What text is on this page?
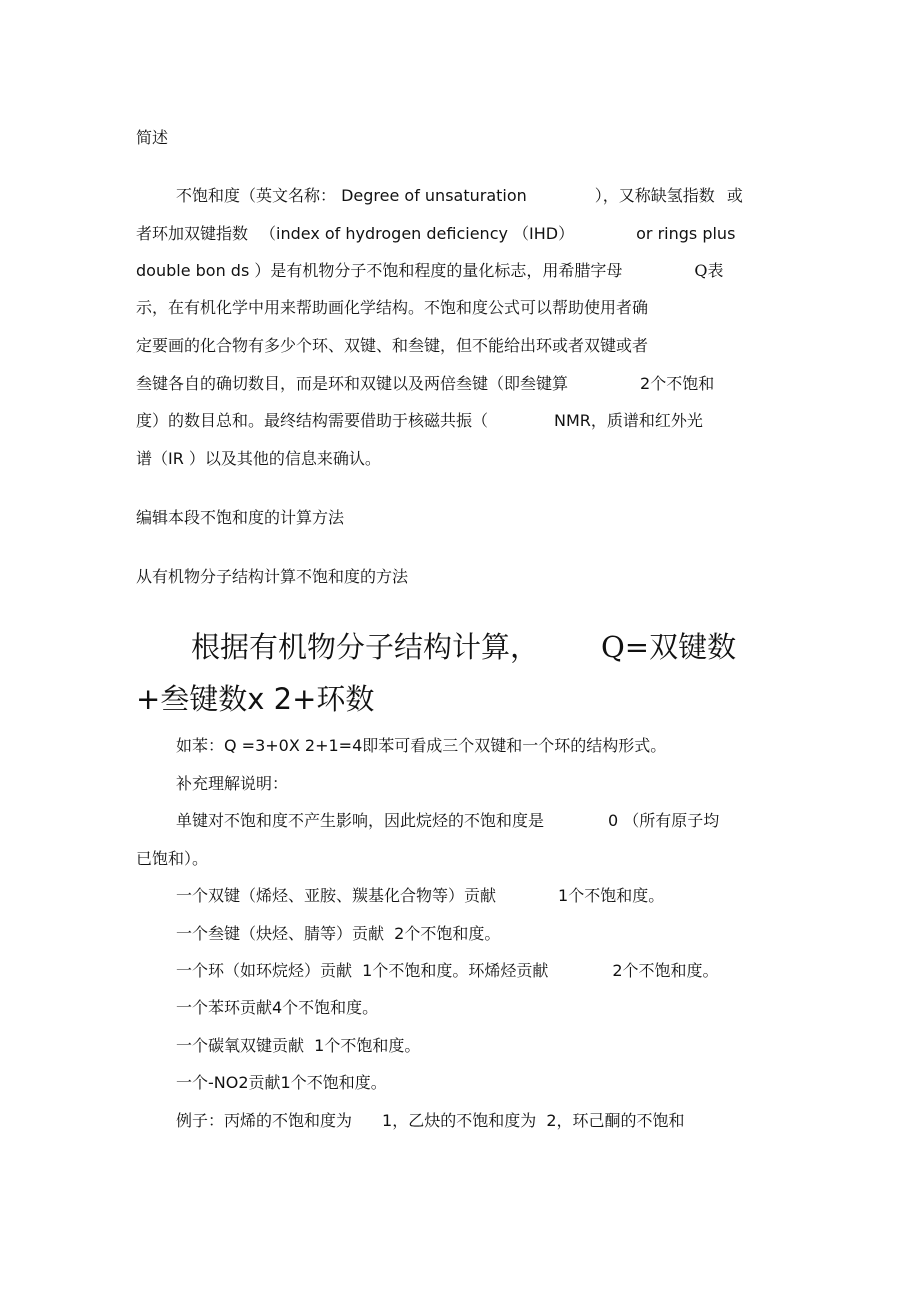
简述

不饱和度（英文名称： Degree of unsaturation	），又称缺氢指数 或

者环加双键指数 （index of hydrogen deficiency （IHD）	or rings plus

double bon ds ）是有机物分子不饱和程度的量化标志，用希腊字母	Q表

示，在有机化学中用来帮助画化学结构。不饱和度公式可以帮助使用者确

定要画的化合物有多少个环、双键、和叁键，但不能给出环或者双键或者

叁键各自的确切数目，而是环和双键以及两倍叁键（即叁键算	2个不饱和

度）的数目总和。最终结构需要借助于核磁共振（	NMR，质谱和红外光

谱（IR ）以及其他的信息来确认。

编辑本段不饱和度的计算方法

从有机物分子结构计算不饱和度的方法

根据有机物分子结构计算， Q=双键数

+叁键数x 2+环数

如苯：Q =3+0X 2+1=4即苯可看成三个双键和一个环的结构形式。

补充理解说明：

单键对不饱和度不产生影响，因此烷烃的不饱和度是	0 （所有原子均

已饱和）。

一个双键（烯烃、亚胺、羰基化合物等）贡献	1个不饱和度。

一个叁键（炔烃、腈等）贡献  2个不饱和度。

一个环（如环烷烃）贡献  1个不饱和度。环烯烃贡献	2个不饱和度。

一个苯环贡献4个不饱和度。

一个碳氧双键贡献  1个不饱和度。

一个-NO2贡献1个不饱和度。

例子：丙烯的不饱和度为 1，乙炔的不饱和度为  2，环己酮的不饱和
